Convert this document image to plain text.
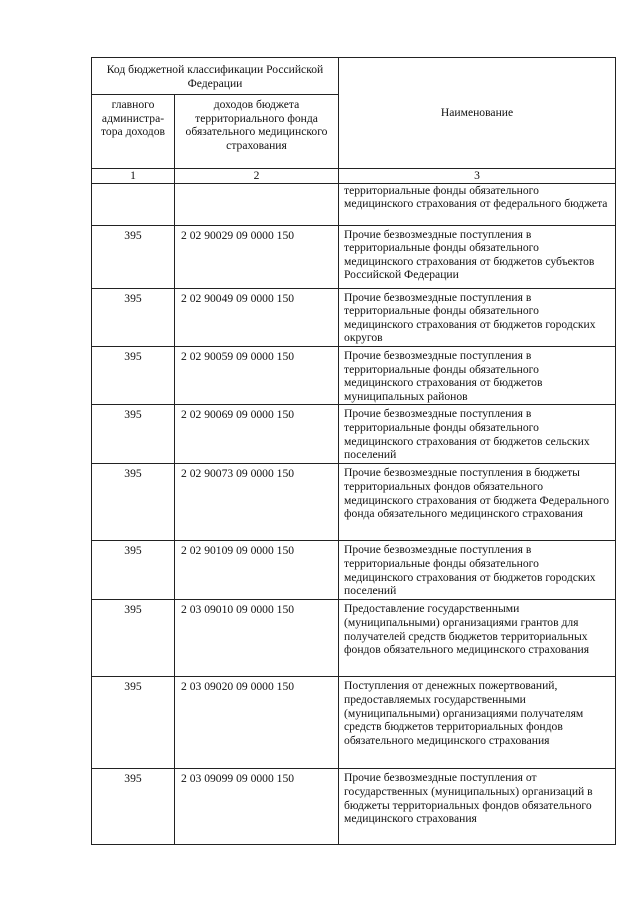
Код бюджетной классификации Российской Федерации		Наименование
главного администра-тора доходов	доходов бюджета территориального фонда обязательного медицинского страхования	
1	2	3
		территориальные фонды обязательного медицинского страхования от федерального бюджета
395	2 02 90029 09 0000 150	Прочие безвозмездные поступления в территориальные фонды обязательного медицинского страхования от бюджетов субъектов Российской Федерации
395	2 02 90049 09 0000 150	Прочие безвозмездные поступления в территориальные фонды обязательного медицинского страхования от бюджетов городских округов
395	2 02 90059 09 0000 150	Прочие безвозмездные поступления в территориальные фонды обязательного медицинского страхования от бюджетов муниципальных районов
395	2 02 90069 09 0000 150	Прочие безвозмездные поступления в территориальные фонды обязательного медицинского страхования от бюджетов сельских поселений
395	2 02 90073 09 0000 150	Прочие безвозмездные поступления в бюджеты территориальных фондов обязательного медицинского страхования от бюджета Федерального фонда обязательного медицинского страхования
395	2 02 90109 09 0000 150	Прочие безвозмездные поступления в территориальные фонды обязательного медицинского страхования от бюджетов городских поселений
395	2 03 09010 09 0000 150	Предоставление государственными (муниципальными) организациями грантов для получателей средств бюджетов территориальных фондов обязательного медицинского страхования
395	2 03 09020 09 0000 150	Поступления от денежных пожертвований, предоставляемых государственными (муниципальными) организациями получателям средств бюджетов территориальных фондов обязательного медицинского страхования
395	2 03 09099 09 0000 150	Прочие безвозмездные поступления от государственных (муниципальных) организаций в бюджеты территориальных фондов обязательного медицинского страхования
